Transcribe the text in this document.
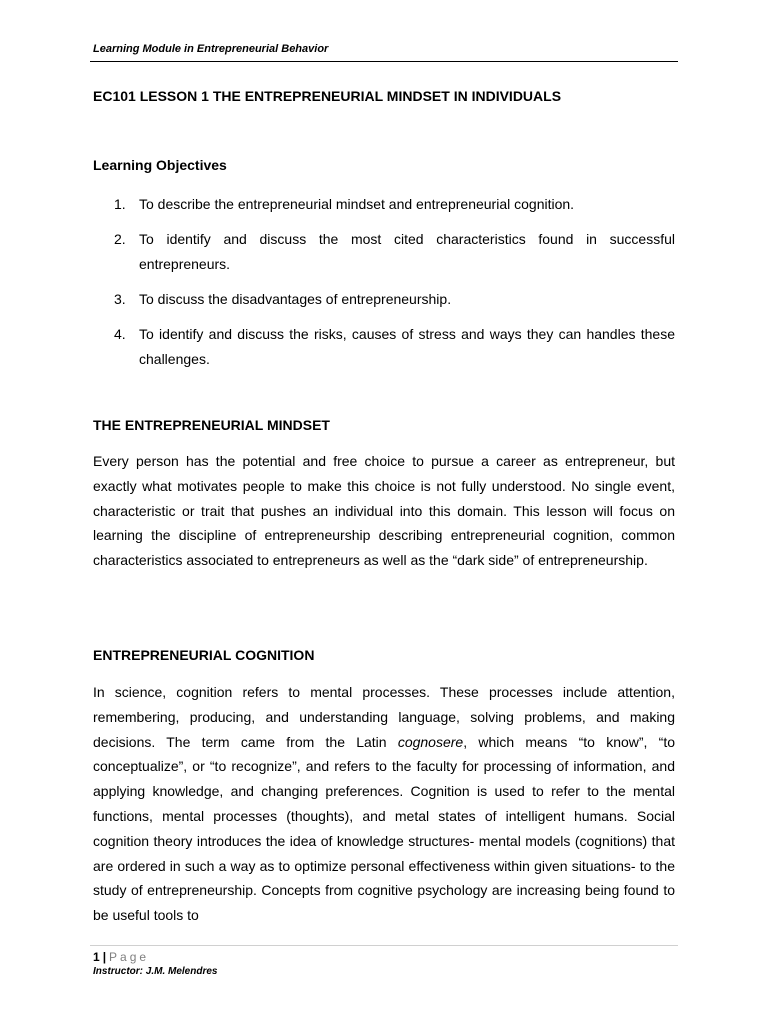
Learning Module in Entrepreneurial Behavior
EC101 LESSON 1 THE ENTREPRENEURIAL MINDSET IN INDIVIDUALS
Learning Objectives
1. To describe the entrepreneurial mindset and entrepreneurial cognition.
2. To identify and discuss the most cited characteristics found in successful entrepreneurs.
3. To discuss the disadvantages of entrepreneurship.
4. To identify and discuss the risks, causes of stress and ways they can handles these challenges.
THE ENTREPRENEURIAL MINDSET

Every person has the potential and free choice to pursue a career as entrepreneur, but exactly what motivates people to make this choice is not fully understood. No single event, characteristic or trait that pushes an individual into this domain. This lesson will focus on learning the discipline of entrepreneurship describing entrepreneurial cognition, common characteristics associated to entrepreneurs as well as the “dark side” of entrepreneurship.

ENTREPRENEURIAL COGNITION

In science, cognition refers to mental processes. These processes include attention, remembering, producing, and understanding language, solving problems, and making decisions. The term came from the Latin cognosere, which means “to know”, “to conceptualize”, or “to recognize”, and refers to the faculty for processing of information, and applying knowledge, and changing preferences. Cognition is used to refer to the mental functions, mental processes (thoughts), and metal states of intelligent humans. Social cognition theory introduces the idea of knowledge structures- mental models (cognitions) that are ordered in such a way as to optimize personal effectiveness within given situations- to the study of entrepreneurship. Concepts from cognitive psychology are increasing being found to be useful tools to

1 | Page
Instructor: J.M. Melendres
